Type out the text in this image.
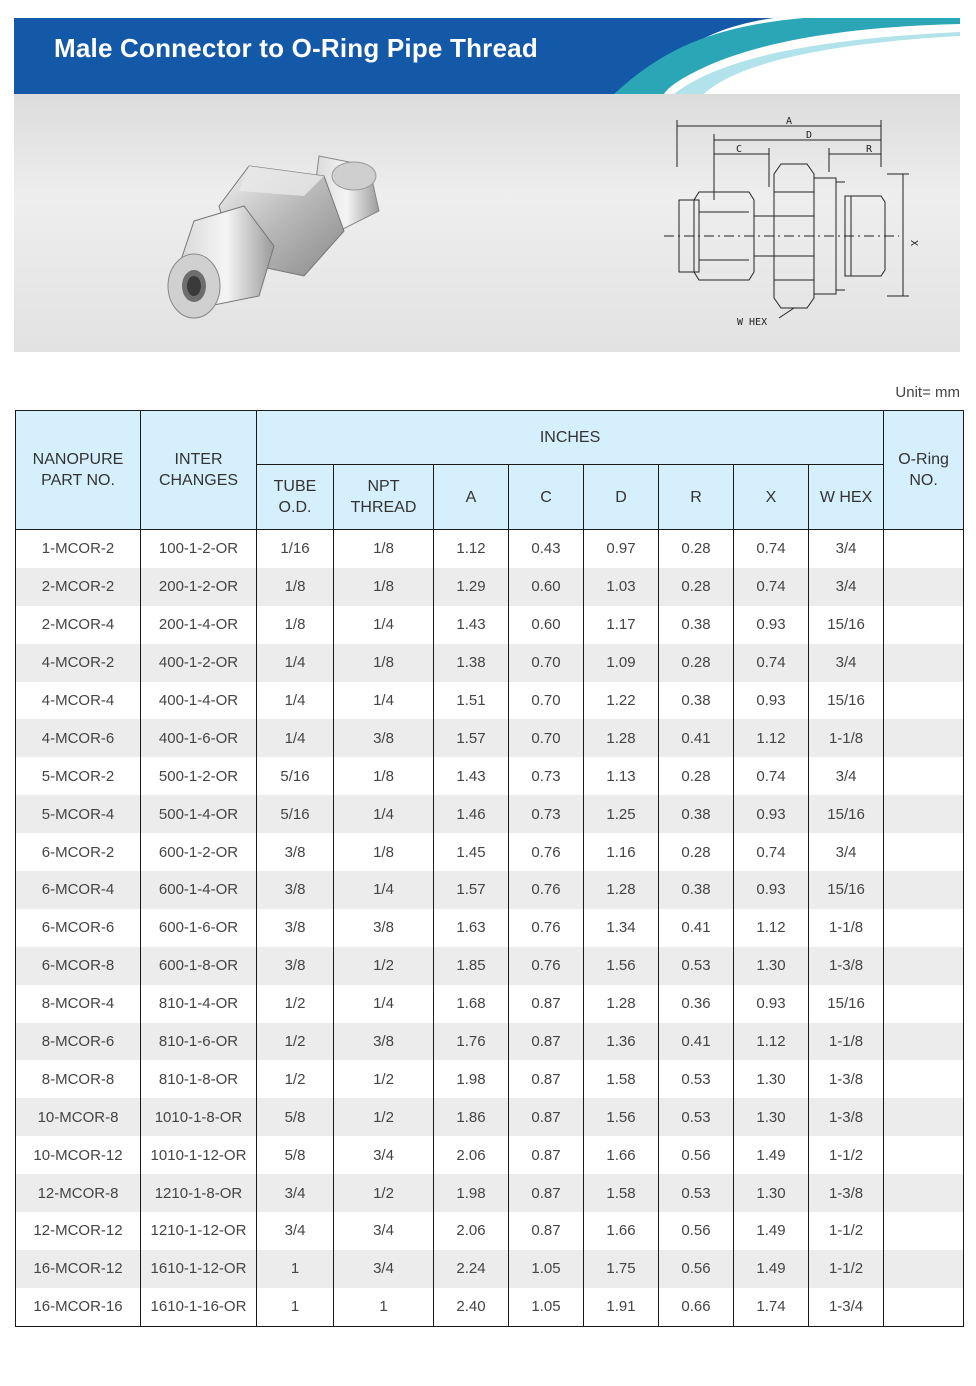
Male Connector to O-Ring Pipe Thread
A
D
C	R
X
W HEX
Unit= mm
NANOPURE PART NO.	INTER CHANGES	INCHES								O-Ring NO.
		TUBE O.D.	NPT THREAD	A	C	D	R	X	W HEX	
1-MCOR-2	100-1-2-OR	1/16	1/8	1.12	0.43	0.97	0.28	0.74	3/4	
2-MCOR-2	200-1-2-OR	1/8	1/8	1.29	0.60	1.03	0.28	0.74	3/4	
2-MCOR-4	200-1-4-OR	1/8	1/4	1.43	0.60	1.17	0.38	0.93	15/16	
4-MCOR-2	400-1-2-OR	1/4	1/8	1.38	0.70	1.09	0.28	0.74	3/4	
4-MCOR-4	400-1-4-OR	1/4	1/4	1.51	0.70	1.22	0.38	0.93	15/16	
4-MCOR-6	400-1-6-OR	1/4	3/8	1.57	0.70	1.28	0.41	1.12	1-1/8	
5-MCOR-2	500-1-2-OR	5/16	1/8	1.43	0.73	1.13	0.28	0.74	3/4	
5-MCOR-4	500-1-4-OR	5/16	1/4	1.46	0.73	1.25	0.38	0.93	15/16	
6-MCOR-2	600-1-2-OR	3/8	1/8	1.45	0.76	1.16	0.28	0.74	3/4	
6-MCOR-4	600-1-4-OR	3/8	1/4	1.57	0.76	1.28	0.38	0.93	15/16	
6-MCOR-6	600-1-6-OR	3/8	3/8	1.63	0.76	1.34	0.41	1.12	1-1/8	
6-MCOR-8	600-1-8-OR	3/8	1/2	1.85	0.76	1.56	0.53	1.30	1-3/8	
8-MCOR-4	810-1-4-OR	1/2	1/4	1.68	0.87	1.28	0.36	0.93	15/16	
8-MCOR-6	810-1-6-OR	1/2	3/8	1.76	0.87	1.36	0.41	1.12	1-1/8	
8-MCOR-8	810-1-8-OR	1/2	1/2	1.98	0.87	1.58	0.53	1.30	1-3/8	
10-MCOR-8	1010-1-8-OR	5/8	1/2	1.86	0.87	1.56	0.53	1.30	1-3/8	
10-MCOR-12	1010-1-12-OR	5/8	3/4	2.06	0.87	1.66	0.56	1.49	1-1/2	
12-MCOR-8	1210-1-8-OR	3/4	1/2	1.98	0.87	1.58	0.53	1.30	1-3/8	
12-MCOR-12	1210-1-12-OR	3/4	3/4	2.06	0.87	1.66	0.56	1.49	1-1/2	
16-MCOR-12	1610-1-12-OR	1	3/4	2.24	1.05	1.75	0.56	1.49	1-1/2	
16-MCOR-16	1610-1-16-OR	1	1	2.40	1.05	1.91	0.66	1.74	1-3/4	
